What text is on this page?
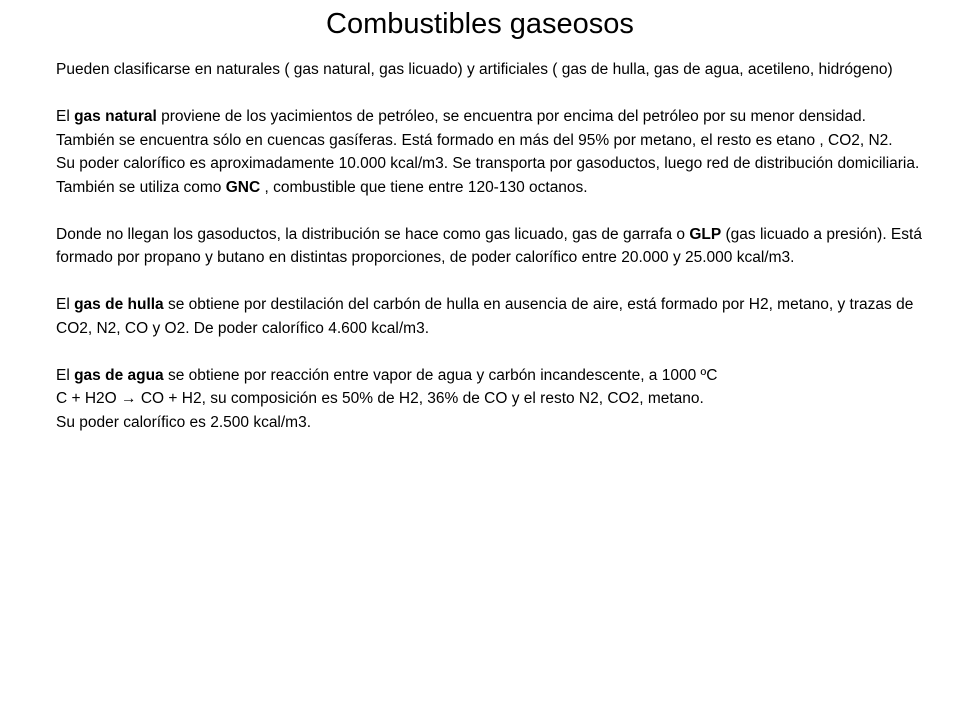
Combustibles gaseosos

Pueden clasificarse en naturales ( gas natural, gas licuado) y artificiales ( gas de hulla, gas de agua, acetileno, hidrógeno)

El gas natural proviene de los yacimientos de petróleo, se encuentra por encima del petróleo por su menor densidad. También se encuentra sólo en cuencas gasíferas. Está formado en más del 95% por metano, el resto es etano , CO2, N2.

Su poder calorífico es aproximadamente 10.000 kcal/m3. Se transporta por gasoductos, luego red de distribución domiciliaria. También se utiliza como GNC , combustible que tiene entre 120-130 octanos.

Donde no llegan los gasoductos, la distribución se hace como gas licuado, gas de garrafa o GLP (gas licuado a presión). Está formado por propano y butano en distintas proporciones, de poder calorífico entre 20.000 y 25.000 kcal/m3.

El gas de hulla se obtiene por destilación del carbón de hulla en ausencia de aire, está formado por H2, metano, y trazas de CO2, N2, CO y O2. De poder calorífico 4.600 kcal/m3.

El gas de agua se obtiene por reacción entre vapor de agua y carbón incandescente, a 1000 ºC

C + H2O → CO + H2, su composición es 50% de H2, 36% de CO y el resto N2, CO2, metano.

Su poder calorífico es 2.500 kcal/m3.
